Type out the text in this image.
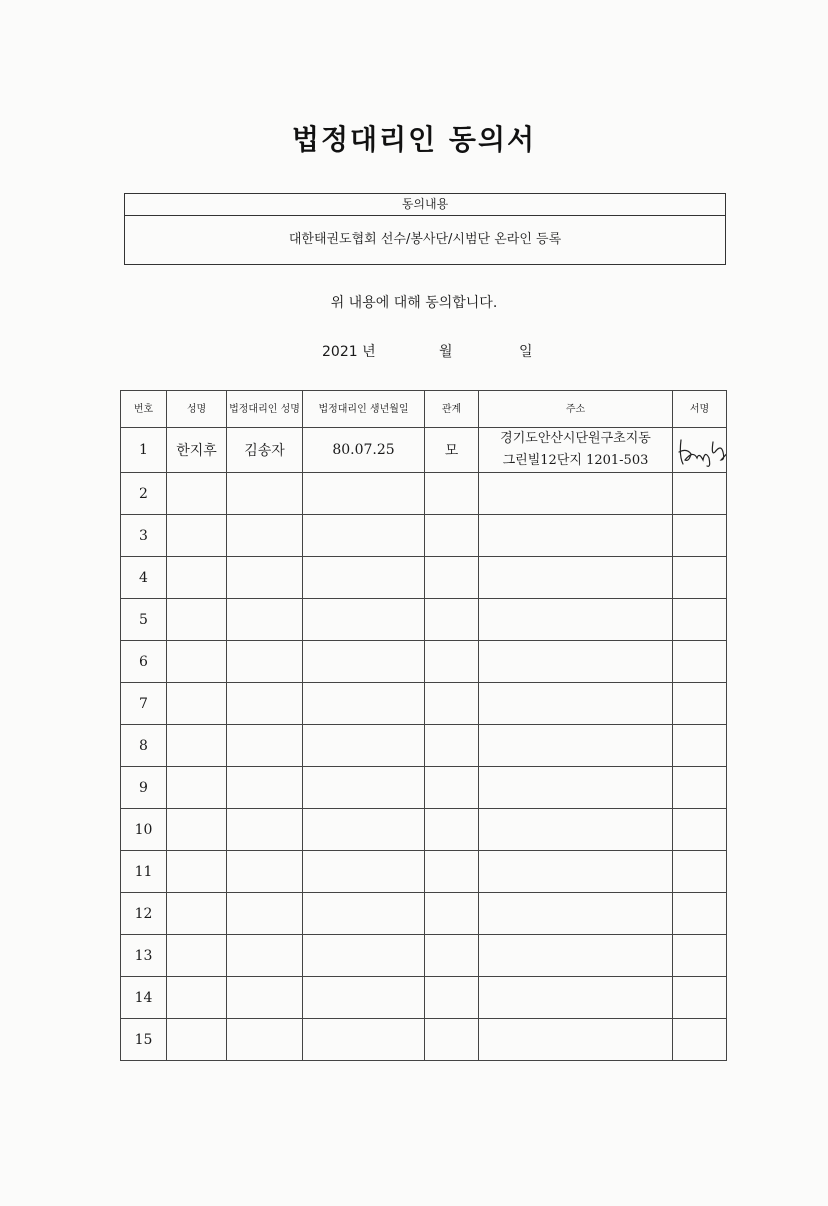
법정대리인 동의서
동의내용
대한태권도협회 선수/봉사단/시범단 온라인 등록
위 내용에 대해 동의합니다.
2021 년	월	일
번호	성명	법정대리인 성명	법정대리인 생년월일	관계	주소	서명
1	한지후	김송자	80.07.25	모	경기도안산시단원구초지동
그린빌12단지 1201-503

2						
3						
4						
5						
6						
7						
8						
9						
10						
11						
12						
13						
14						
15						
